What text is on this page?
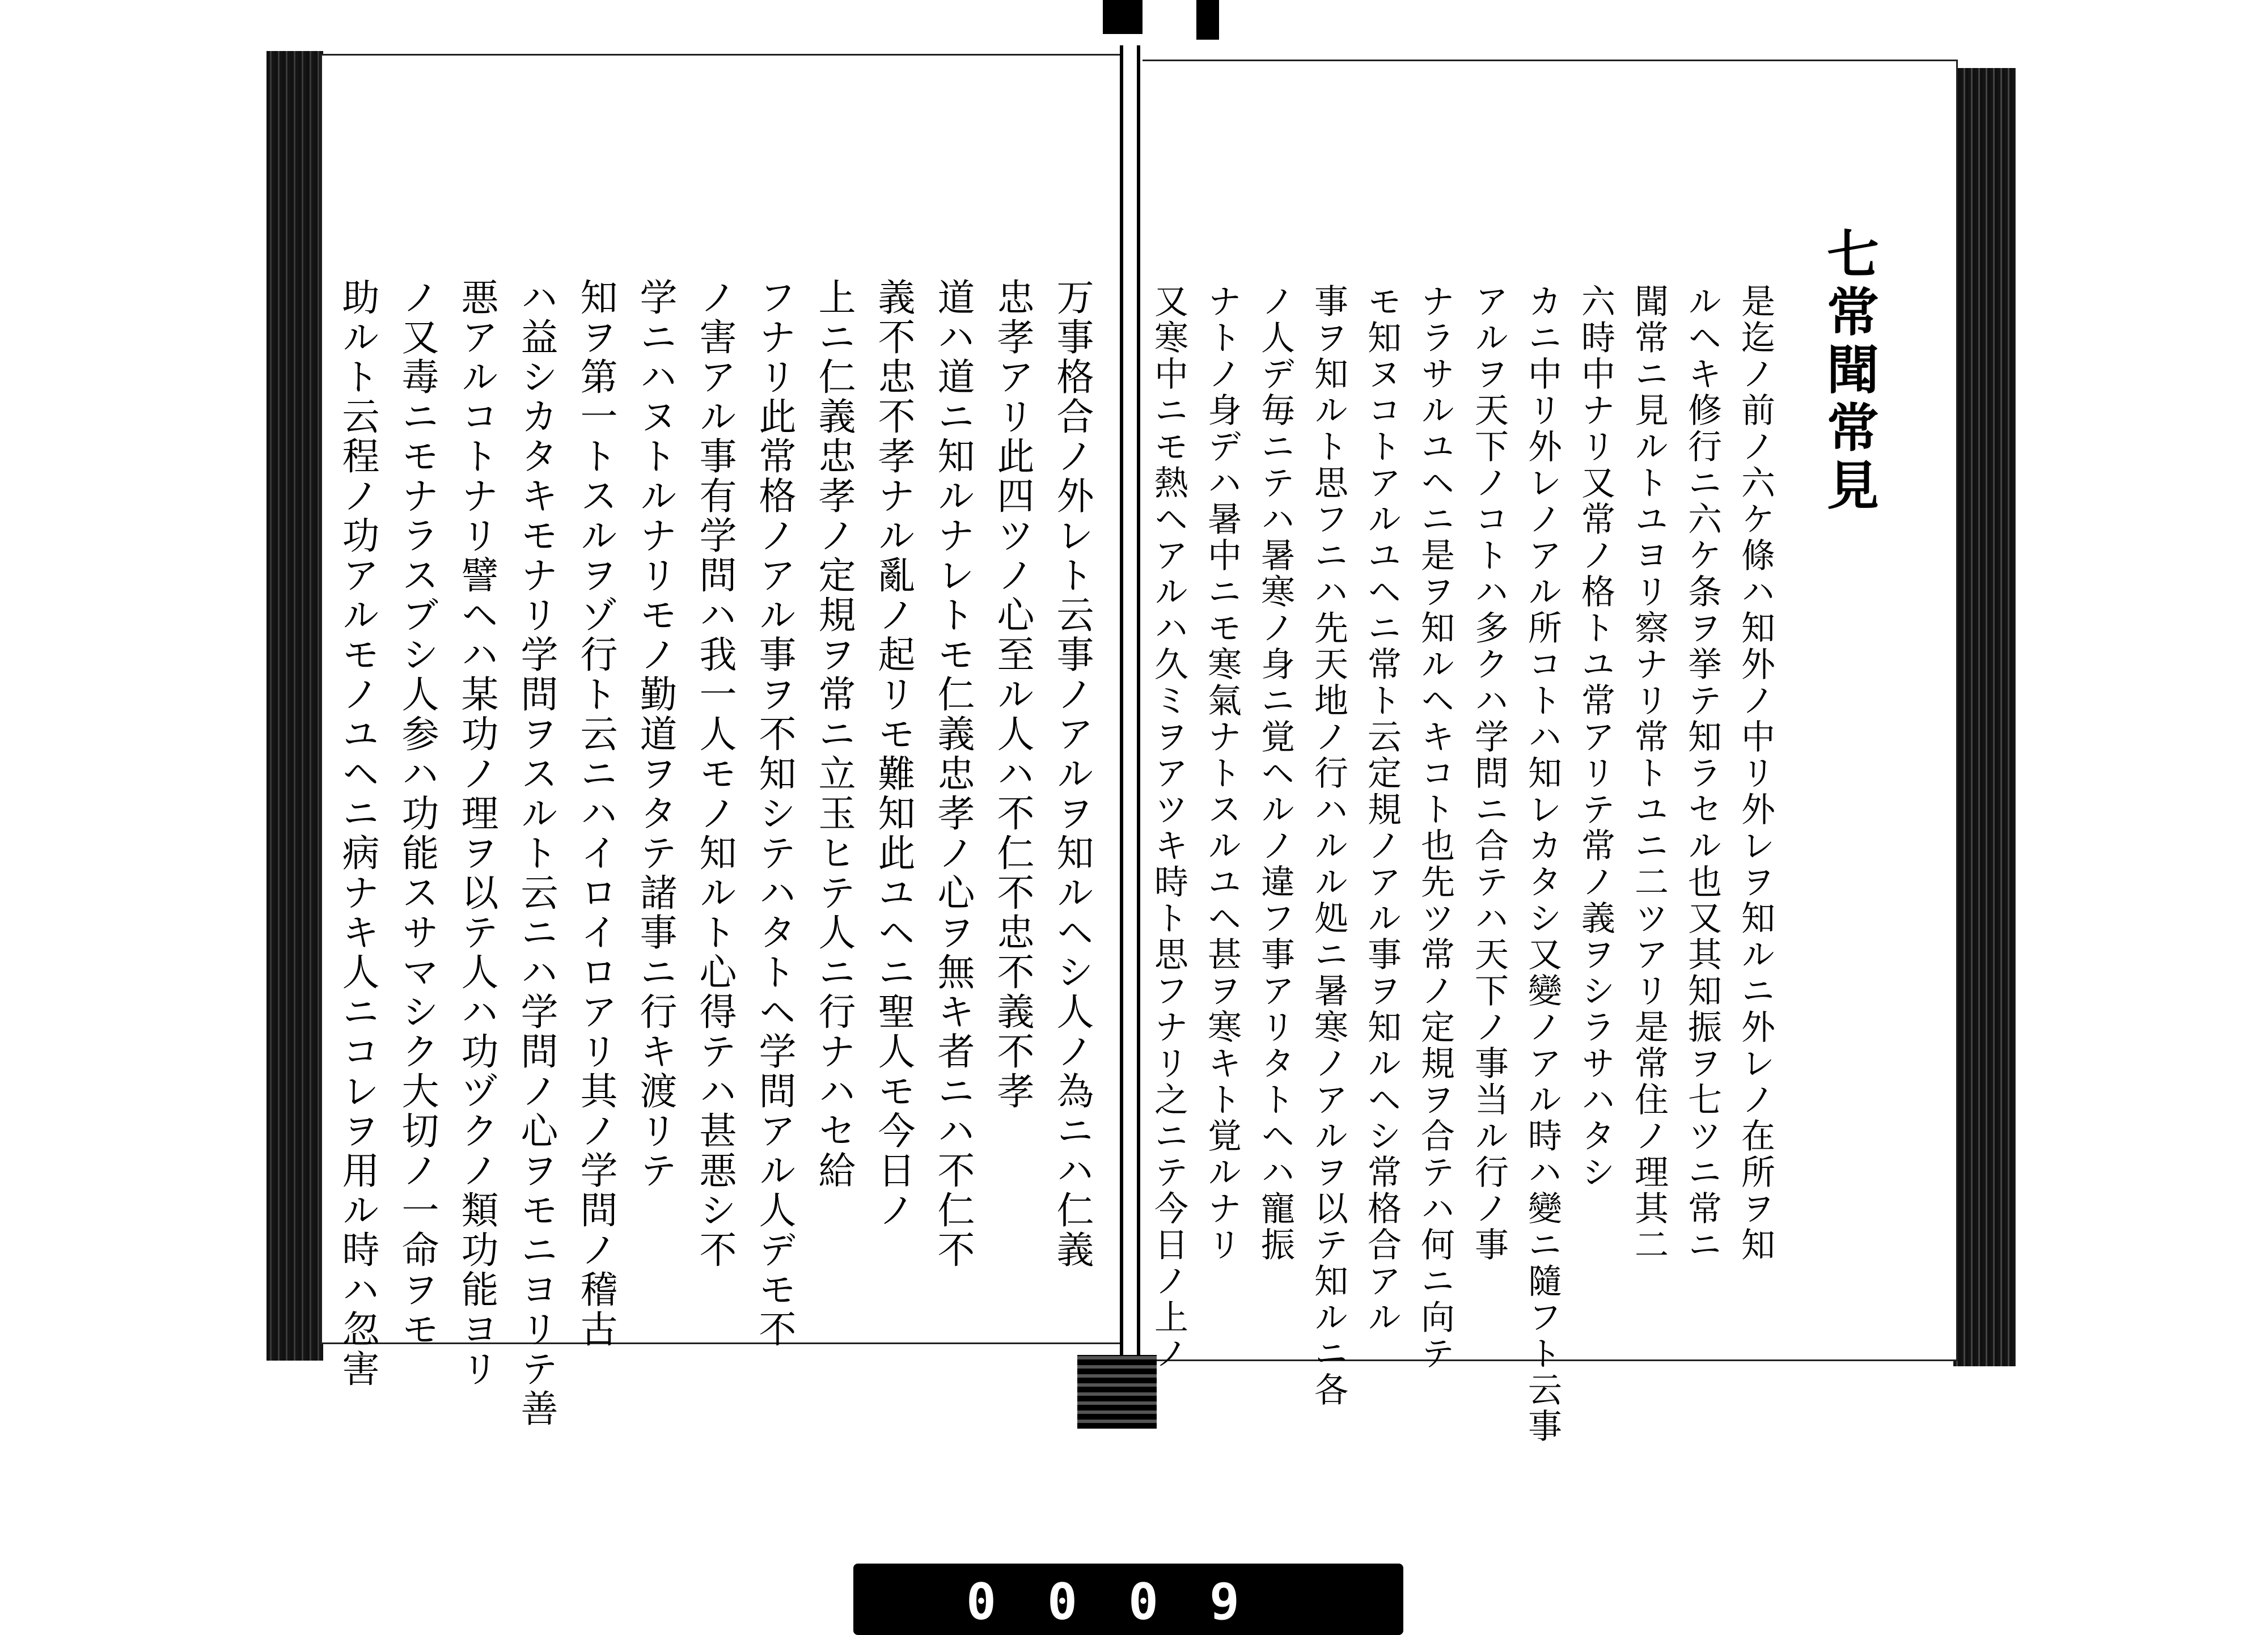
七常聞常見
是迄ノ前ノ六ケ條ハ知外ノ中リ外レヲ知ルニ外レノ在所ヲ知
ルヘキ修行ニ六ケ条ヲ挙テ知ラセル也又其知振ヲ七ツニ常ニ
聞常ニ見ルトユヨリ察ナリ常トユニ二ツアリ是常住ノ理其二
六時中ナリ又常ノ格トユ常アリテ常ノ義ヲシラサハタシ
カニ中リ外レノアル所コトハ知レカタシ又變ノアル時ハ變ニ隨フト云事
アルヲ天下ノコトハ多クハ学問ニ合テハ天下ノ事当ル行ノ事
ナラサルユヘニ是ヲ知ルヘキコト也先ツ常ノ定規ヲ合テハ何ニ向テ
モ知ヌコトアルユヘニ常ト云定規ノアル事ヲ知ルヘシ常格合アル
事ヲ知ルト思フニハ先天地ノ行ハルル処ニ暑寒ノアルヲ以テ知ルニ各
ノ人デ毎ニテハ暑寒ノ身ニ覚ヘルノ違フ事アリタトヘハ寵振
ナトノ身デハ暑中ニモ寒氣ナトスルユヘ甚ヲ寒キト覚ルナリ
万事格合ノ外レト云事ノアルヲ知ルヘシ人ノ為ニハ仁義
忠孝アリ此四ツノ心至ル人ハ不仁不忠不義不孝
道ハ道ニ知ルナレトモ仁義忠孝ノ心ヲ無キ者ニハ不仁不
義不忠不孝ナル亂ノ起リモ難知此ユヘニ聖人モ今日ノ
上ニ仁義忠孝ノ定規ヲ常ニ立玉ヒテ人ニ行ナハセ給
フナリ此常格ノアル事ヲ不知シテハタトヘ学問アル人デモ不
ノ害アル事有学問ハ我一人モノ知ルト心得テハ甚悪シ不
学ニハヌトルナリモノ勤道ヲタテ諸事ニ行キ渡リテ
知ヲ第一トスルヲゾ行ト云ニハイロイロアリ其ノ学問ノ稽古
ハ益シカタキモナリ学問ヲスルト云ニハ学問ノ心ヲモニヨリテ善
悪アルコトナリ譬ヘハ某功ノ理ヲ以テ人ハ功ヅクノ類功能ヨリ
ノ又毒ニモナラスブシ人参ハ功能スサマシク大切ノ一命ヲモ
助ルト云程ノ功アルモノユヘニ病ナキ人ニコレヲ用ル時ハ忽害
0009
又寒中ニモ熱ヘアルハ久ミヲアツキ時ト思フナリ之ニテ今日ノ上ノ
